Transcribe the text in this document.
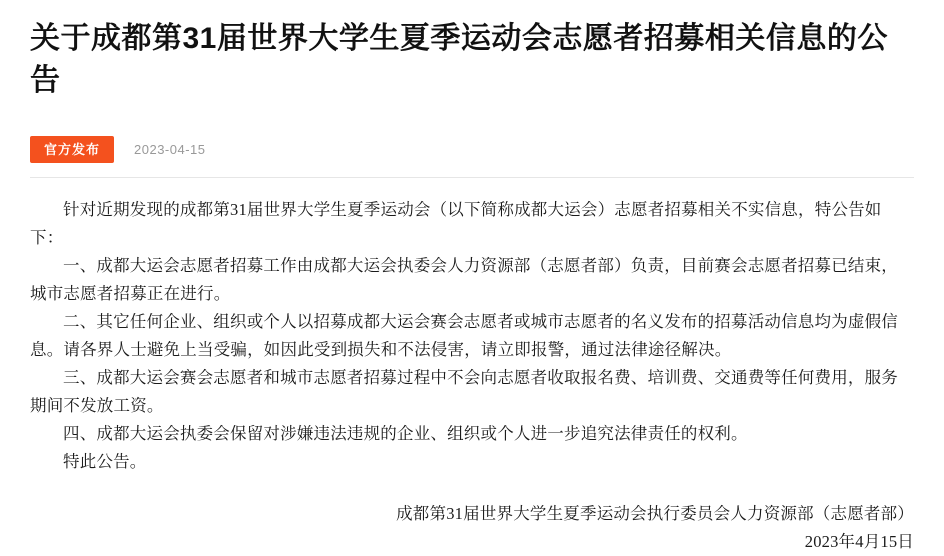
关于成都第31届世界大学生夏季运动会志愿者招募相关信息的公告
官方发布	2023-04-15

针对近期发现的成都第31届世界大学生夏季运动会（以下简称成都大运会）志愿者招募相关不实信息，特公告如下：

一、成都大运会志愿者招募工作由成都大运会执委会人力资源部（志愿者部）负责，目前赛会志愿者招募已结束，城市志愿者招募正在进行。

二、其它任何企业、组织或个人以招募成都大运会赛会志愿者或城市志愿者的名义发布的招募活动信息均为虚假信息。请各界人士避免上当受骗，如因此受到损失和不法侵害，请立即报警，通过法律途径解决。

三、成都大运会赛会志愿者和城市志愿者招募过程中不会向志愿者收取报名费、培训费、交通费等任何费用，服务期间不发放工资。

四、成都大运会执委会保留对涉嫌违法违规的企业、组织或个人进一步追究法律责任的权利。

特此公告。

成都第31届世界大学生夏季运动会执行委员会人力资源部（志愿者部）
2023年4月15日
